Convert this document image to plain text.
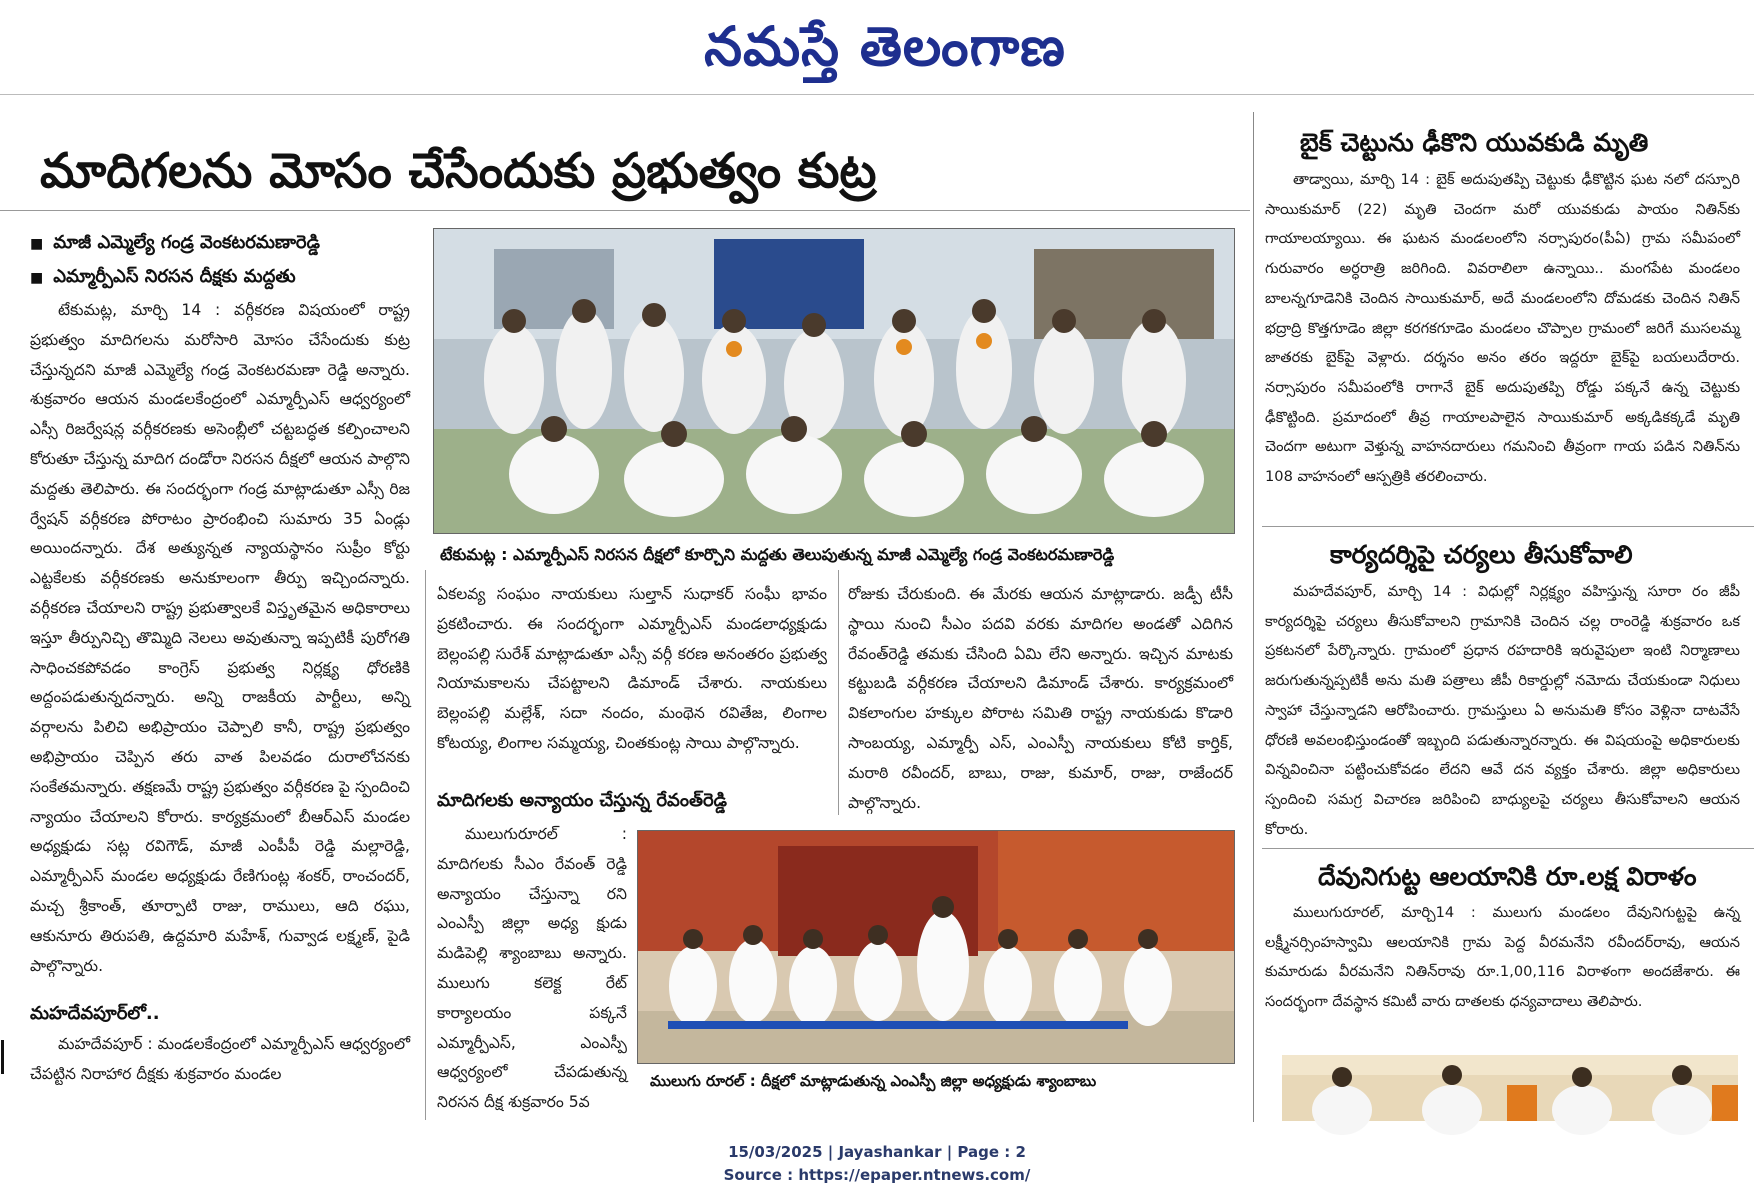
నమస్తే తెలంగాణ
మాదిగలను మోసం చేసేందుకు ప్రభుత్వం కుట్ర
■ మాజీ ఎమ్మెల్యే గండ్ర వెంకటరమణారెడ్డి
■ ఎమ్మార్పీఎస్ నిరసన దీక్షకు మద్దతు

టేకుమట్ల, మార్చి 14 : వర్గీకరణ విషయంలో రాష్ట్ర ప్రభుత్వం మాదిగలను మరోసారి మోసం చేసేందుకు కుట్ర చేస్తున్నదని మాజీ ఎమ్మెల్యే గండ్ర వెంకటరమణా రెడ్డి అన్నారు. శుక్రవారం ఆయన మండలకేంద్రంలో ఎమ్మార్పీఎస్ ఆధ్వర్యంలో ఎస్సీ రిజర్వేషన్ల వర్గీకరణకు అసెంబ్లీలో చట్టబద్ధత కల్పించాలని కోరుతూ చేస్తున్న మాదిగ దండోరా నిరసన దీక్షలో ఆయన పాల్గొని మద్దతు తెలిపారు. ఈ సందర్భంగా గండ్ర మాట్లాడుతూ ఎస్సీ రిజ ర్వేషన్ వర్గీకరణ పోరాటం ప్రారంభించి సుమారు 35 ఏండ్లు అయిందన్నారు. దేశ అత్యున్నత న్యాయస్థానం సుప్రీం కోర్టు ఎట్టకేలకు వర్గీకరణకు అనుకూలంగా తీర్పు ఇచ్చిందన్నారు. వర్గీకరణ చేయాలని రాష్ట్ర ప్రభుత్వాలకే విస్తృతమైన అధికారాలు ఇస్తూ తీర్పునిచ్చి తొమ్మిది నెలలు అవుతున్నా ఇప్పటికీ పురోగతి సాధించకపోవడం కాంగ్రెస్ ప్రభుత్వ నిర్లక్ష్య ధోరణికి అద్దంపడుతున్నదన్నారు. అన్ని రాజకీయ పార్టీలు, అన్ని వర్గాలను పిలిచి అభిప్రాయం చెప్పాలి కానీ, రాష్ట్ర ప్రభుత్వం అభిప్రాయం చెప్పిన తరు వాత పిలవడం దురాలోచనకు సంకేతమన్నారు. తక్షణమే రాష్ట్ర ప్రభుత్వం వర్గీకరణ పై స్పందించి న్యాయం చేయాలని కోరారు. కార్యక్రమంలో బీఆర్ఎస్ మండల అధ్యక్షుడు సట్ల రవిగౌడ్, మాజీ ఎంపీపీ రెడ్డి మల్లారెడ్డి, ఎమ్మార్పీఎస్ మండల అధ్యక్షుడు రేణిగుంట్ల శంకర్, రాంచందర్, మచ్చ శ్రీకాంత్, తూర్పాటి రాజు, రాములు, ఆది రఘు, ఆకునూరు తిరుపతి, ఉద్దమారి మహేశ్, గువ్వాడ లక్ష్మణ్, పైడి పాల్గొన్నారు.

మహదేవపూర్‌లో..

మహదేవపూర్ : మండలకేంద్రంలో ఎమ్మార్పీఎస్ ఆధ్వర్యంలో చేపట్టిన నిరాహార దీక్షకు శుక్రవారం మండల

టేకుమట్ల : ఎమ్మార్పీఎస్ నిరసన దీక్షలో కూర్చొని మద్దతు తెలుపుతున్న మాజీ ఎమ్మెల్యే గండ్ర వెంకటరమణారెడ్డి

ఏకలవ్య సంఘం నాయకులు సుల్తాన్ సుధాకర్ సంఘీ భావం ప్రకటించారు. ఈ సందర్భంగా ఎమ్మార్పీఎస్ మండలాధ్యక్షుడు బెల్లంపల్లి సురేశ్ మాట్లాడుతూ ఎస్సీ వర్గీ కరణ అనంతరం ప్రభుత్వ నియామకాలను చేపట్టాలని డిమాండ్ చేశారు. నాయకులు బెల్లంపల్లి మల్లేశ్, సదా నందం, మంథెన రవితేజ, లింగాల కోటయ్య, లింగాల సమ్మయ్య, చింతకుంట్ల సాయి పాల్గొన్నారు.

మాదిగలకు అన్యాయం చేస్తున్న రేవంత్‌రెడ్డి

ములుగురూరల్ : మాదిగలకు సీఎం రేవంత్ రెడ్డి అన్యాయం చేస్తున్నా రని ఎంఎస్పీ జిల్లా అధ్య క్షుడు మడిపెల్లి శ్యాంబాబు అన్నారు. ములుగు కలెక్ట రేట్ కార్యాలయం పక్కనే ఎమ్మార్పీఎస్, ఎంఎస్పీ ఆధ్వర్యంలో చేపడుతున్న నిరసన దీక్ష శుక్రవారం 5వ

రోజుకు చేరుకుంది. ఈ మేరకు ఆయన మాట్లాడారు. జడ్పీ టీసీ స్థాయి నుంచి సీఎం పదవి వరకు మాదిగల అండతో ఎదిగిన రేవంత్‌రెడ్డి తమకు చేసింది ఏమి లేని అన్నారు. ఇచ్చిన మాటకు కట్టుబడి వర్గీకరణ చేయాలని డిమాండ్ చేశారు. కార్యక్రమంలో వికలాంగుల హక్కుల పోరాట సమితి రాష్ట్ర నాయకుడు కొడారి సాంబయ్య, ఎమ్మార్పీ ఎస్, ఎంఎస్పీ నాయకులు కోటి కార్తిక్, మరాఠి రవీందర్, బాబు, రాజు, కుమార్, రాజు, రాజేందర్ పాల్గొన్నారు.

ములుగు రూరల్ : దీక్షలో మాట్లాడుతున్న ఎంఎస్పీ జిల్లా అధ్యక్షుడు శ్యాంబాబు
బైక్ చెట్టును ఢీకొని యువకుడి మృతి

తాడ్వాయి, మార్చి 14 : బైక్ అదుపుతప్పి చెట్టుకు ఢీకొట్టిన ఘట నలో దస్పూరి సాయికుమార్ (22) మృతి చెందగా మరో యువకుడు పాయం నితిన్‌కు గాయాలయ్యాయి. ఈ ఘటన మండలంలోని నర్సాపురం(పీఏ) గ్రామ సమీపంలో గురువారం అర్ధరాత్రి జరిగింది. వివరాలిలా ఉన్నాయి.. మంగపేట మండలం బాలన్నగూడెనికి చెందిన సాయికుమార్, అదే మండలంలోని దోమడకు చెందిన నితిన్ భద్రాద్రి కొత్తగూడెం జిల్లా కరగకగూడెం మండలం చొప్పాల గ్రామంలో జరిగే ముసలమ్మ జాతరకు బైక్‌పై వెళ్లారు. దర్శనం అనం తరం ఇద్దరూ బైక్‌పై బయలుదేరారు. నర్సాపురం సమీపంలోకి రాగానే బైక్ అదుపుతప్పి రోడ్డు పక్కనే ఉన్న చెట్టుకు ఢీకొట్టింది. ప్రమాదంలో తీవ్ర గాయాలపాలైన సాయికుమార్ అక్కడికక్కడే మృతి చెందగా అటుగా వెళ్తున్న వాహనదారులు గమనించి తీవ్రంగా గాయ పడిన నితిన్‌ను 108 వాహనంలో ఆస్పత్రికి తరలించారు.

కార్యదర్శిపై చర్యలు తీసుకోవాలి

మహదేవపూర్, మార్చి 14 : విధుల్లో నిర్లక్ష్యం వహిస్తున్న సూరా రం జీపీ కార్యదర్శిపై చర్యలు తీసుకోవాలని గ్రామానికి చెందిన చల్ల రాంరెడ్డి శుక్రవారం ఒక ప్రకటనలో పేర్కొన్నారు. గ్రామంలో ప్రధాన రహదారికి ఇరువైపులా ఇంటి నిర్మాణాలు జరుగుతున్నప్పటికీ అను మతి పత్రాలు జీపీ రికార్డుల్లో నమోదు చేయకుండా నిధులు స్వాహా చేస్తున్నాడని ఆరోపించారు. గ్రామస్తులు ఏ అనుమతి కోసం వెళ్లినా దాటవేసే ధోరణి అవలంభిస్తుండంతో ఇబ్బంది పడుతున్నారన్నారు. ఈ విషయంపై అధికారులకు విన్నవించినా పట్టించుకోవడం లేదని ఆవే దన వ్యక్తం చేశారు. జిల్లా అధికారులు స్పందించి సమగ్ర విచారణ జరిపించి బాధ్యులపై చర్యలు తీసుకోవాలని ఆయన కోరారు.

దేవునిగుట్ట ఆలయానికి రూ.లక్ష విరాళం

ములుగురూరల్, మార్చి14 : ములుగు మండలం దేవునిగుట్టపై ఉన్న లక్ష్మీనర్సింహస్వామి ఆలయానికి గ్రామ పెద్ద వీరమనేని రవీందర్‌రావు, ఆయన కుమారుడు వీరమనేని నితిన్‌రావు రూ.1,00,116 విరాళంగా అందజేశారు. ఈ సందర్భంగా దేవస్థాన కమిటీ వారు దాతలకు ధన్యవాదాలు తెలిపారు.

15/03/2025 | Jayashankar | Page : 2
Source : https://epaper.ntnews.com/
